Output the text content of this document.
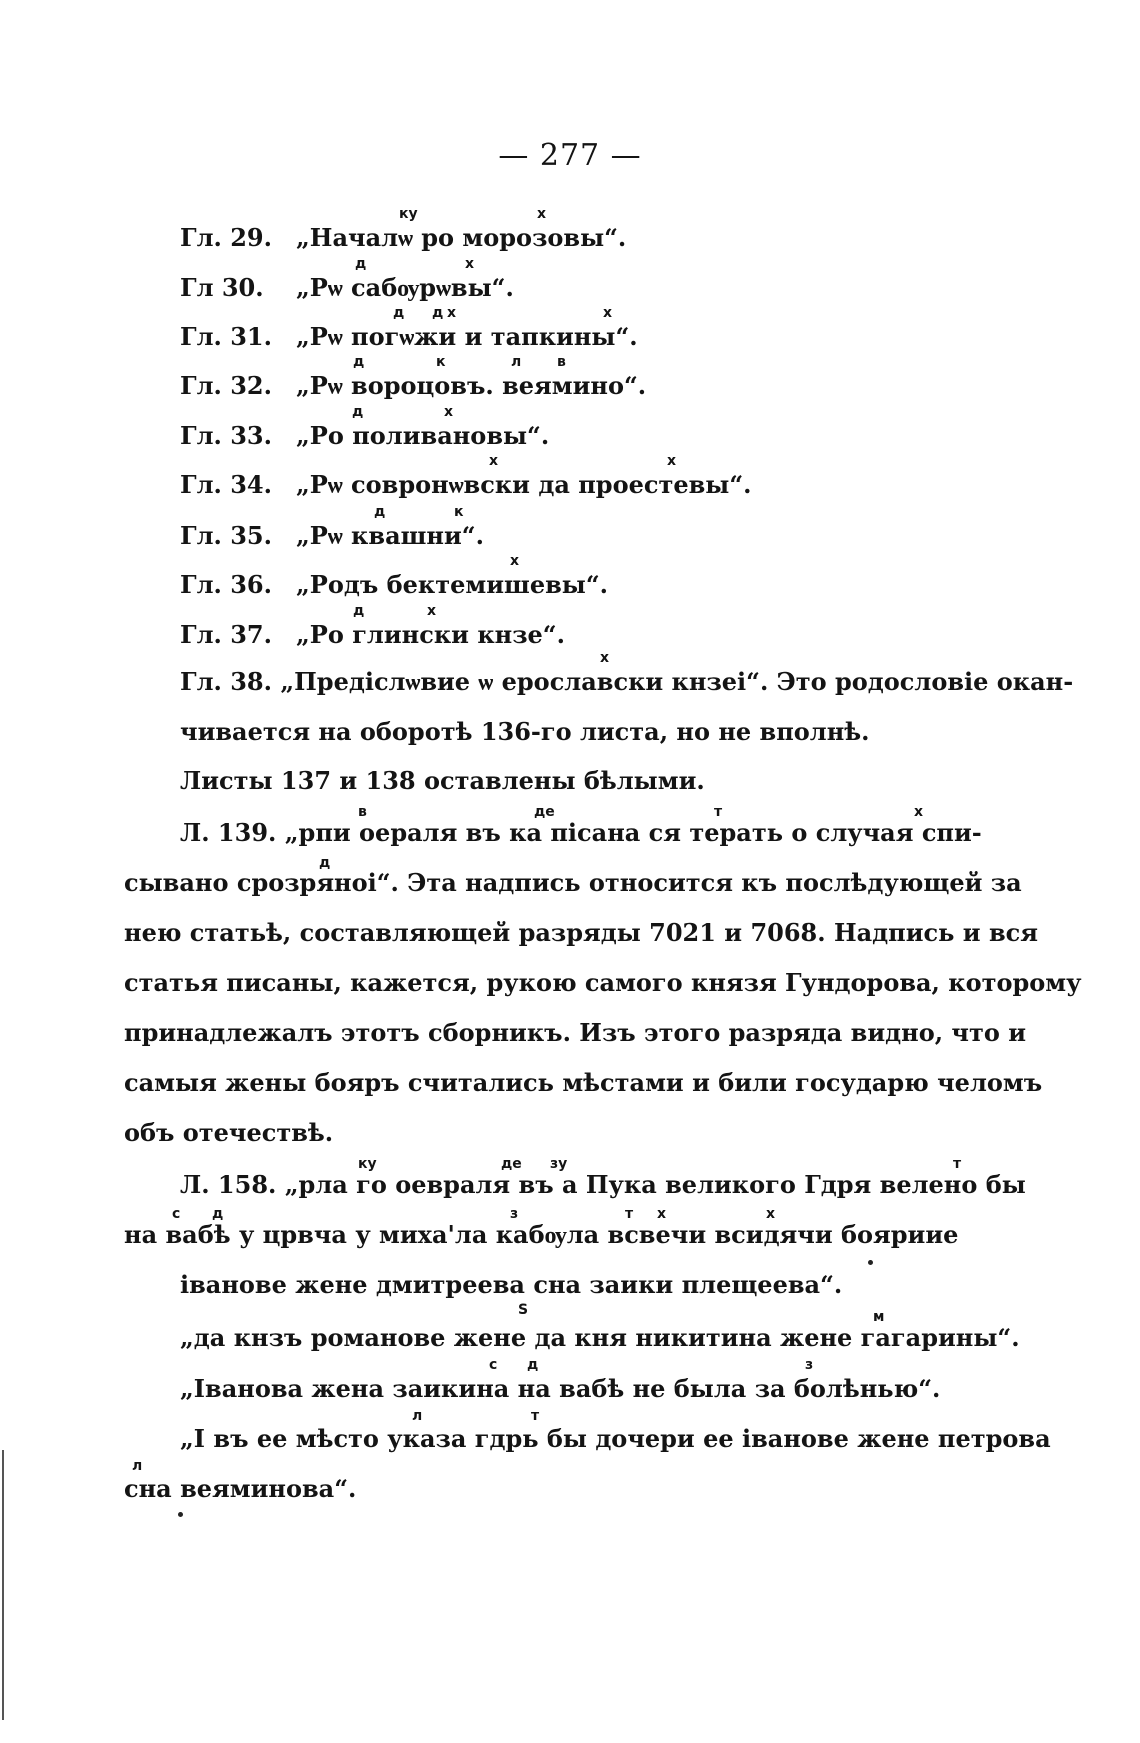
— 277 —
Гл. 29. „Началѡ ро морозовы“.
Гл 30. „Рѡ сабѹрѡвы“.
Гл. 31. „Рѡ погѡжи и тапкины“.
Гл. 32. „Рѡ ворoцовъ. веямино“.
Гл. 33. „Ро поливановы“.
Гл. 34. „Рѡ совронѡвски да проестевы“.
Гл. 35. „Рѡ квашни“.
Гл. 36. „Родъ бектемишевы“.
Гл. 37. „Ро глински кнзе“.
Гл. 38. „Предiслѡвие ѡ ерославски кнзеі“. Это родословіе окан-
чивается на оборотѣ 136-го листа, но не вполнѣ.
Листы 137 и 138 оставлены бѣлыми.
Л. 139. „рпи оераля въ ка пісана ся терать о случая спи-
сывано срозряноі“. Эта надпись относится къ послѣдующей за
нею статьѣ, составляющей разряды 7021 и 7068. Надпись и вся
статья писаны, кажется, рукою самого князя Гундорова, которому
принадлежалъ этотъ сборникъ. Изъ этого разряда видно, что и
самыя жены бояръ считались мѣстами и били государю челомъ
объ отечествѣ.
Л. 158. „рла го оевраля въ а Пука великого Гдря велено бы
на вабѣ у црвча у миха'ла кабѹла всвечи всидячи бояриие
іванове жене дмитреева сна заики плещеева“.
„да кнзъ романове жене да кня никитина жене гагарины“.
„Іванова жена заикина на вабѣ не была за болѣнью“.
„I въ ее мѣсто указа гдрь бы дочери ее іванове жене петрова
сна веяминова“.
ку	х
д	х
д д х	х
д	к	л	в
д	х
х	х
д	к
х
д	х
х
в	де	т	х
д
ку	де зу	т
с д	з	т х	х
S	м
с д	з
л	т
л
